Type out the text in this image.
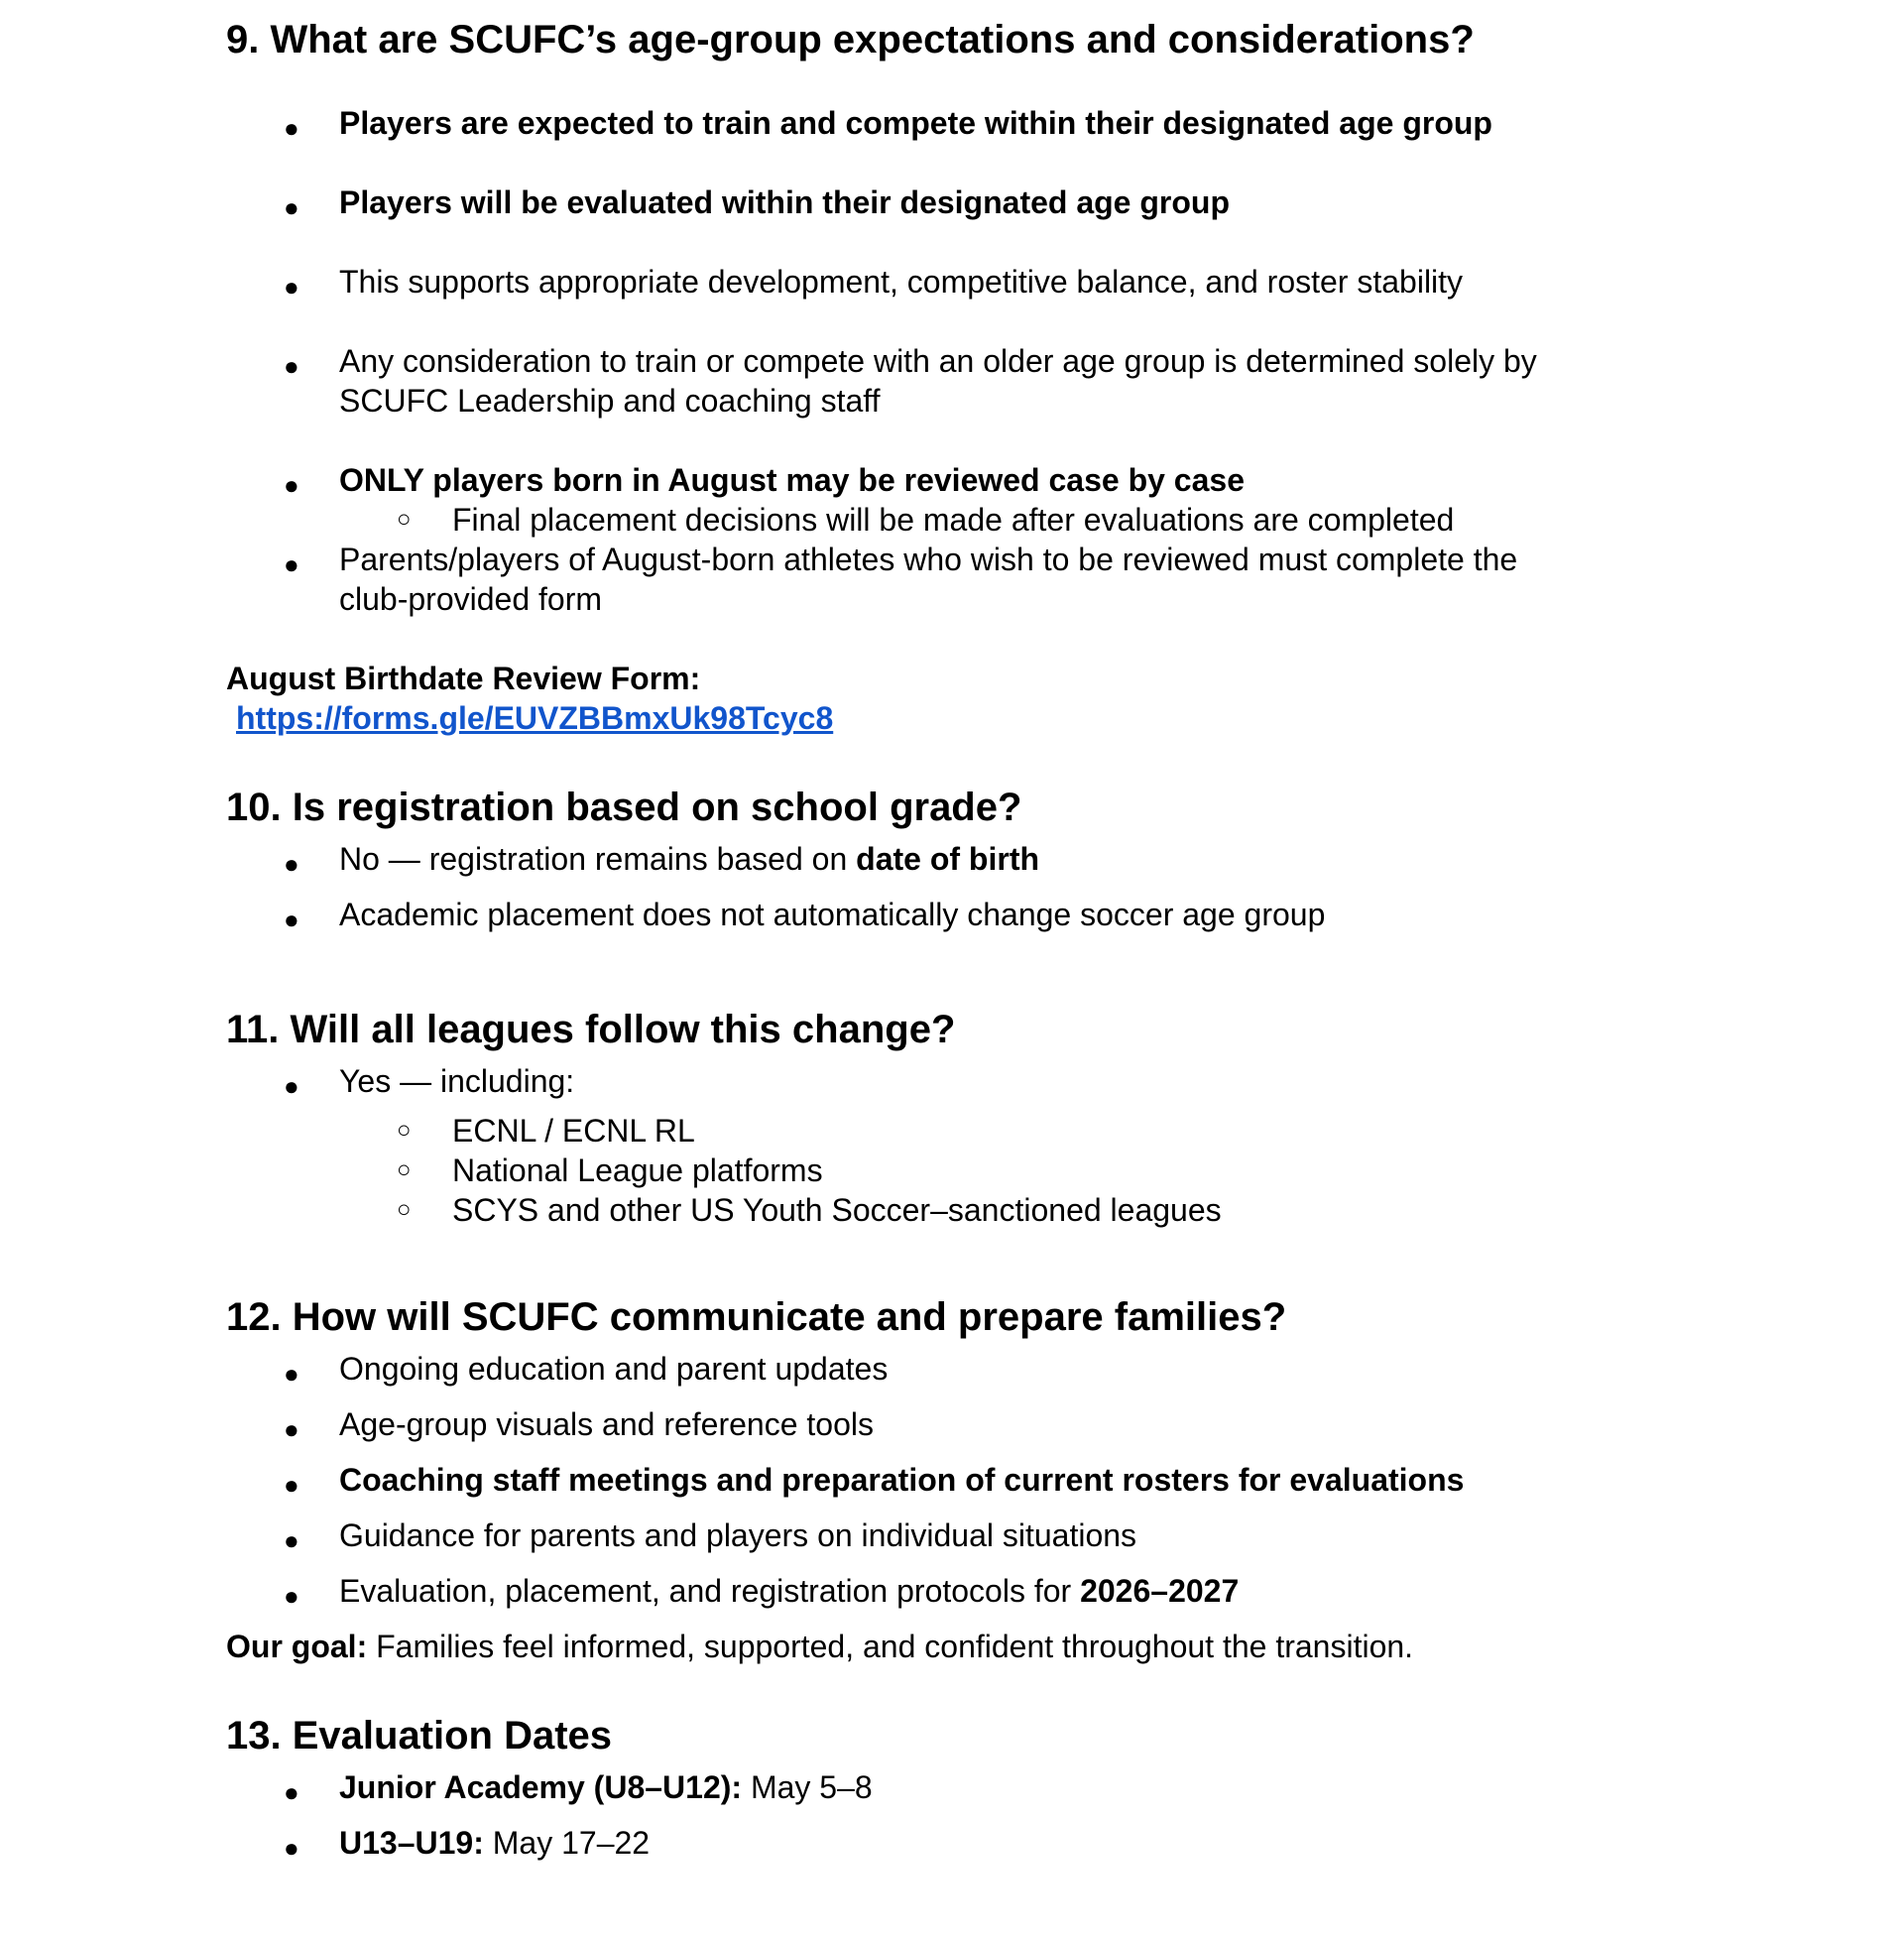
9. What are SCUFC’s age-group expectations and considerations?
● Players are expected to train and compete within their designated age group
● Players will be evaluated within their designated age group
● This supports appropriate development, competitive balance, and roster stability
● Any consideration to train or compete with an older age group is determined solely by
SCUFC Leadership and coaching staff
● ONLY players born in August may be reviewed case by case
○ Final placement decisions will be made after evaluations are completed
● Parents/players of August-born athletes who wish to be reviewed must complete the
club-provided form
August Birthdate Review Form:
https://forms.gle/EUVZBBmxUk98Tcyc8
10. Is registration based on school grade?
● No — registration remains based on date of birth
● Academic placement does not automatically change soccer age group
11. Will all leagues follow this change?
● Yes — including:
○ ECNL / ECNL RL
○ National League platforms
○ SCYS and other US Youth Soccer–sanctioned leagues
12. How will SCUFC communicate and prepare families?
● Ongoing education and parent updates
● Age-group visuals and reference tools
● Coaching staff meetings and preparation of current rosters for evaluations
● Guidance for parents and players on individual situations
● Evaluation, placement, and registration protocols for 2026–2027
Our goal: Families feel informed, supported, and confident throughout the transition.
13. Evaluation Dates
● Junior Academy (U8–U12): May 5–8
● U13–U19: May 17–22
